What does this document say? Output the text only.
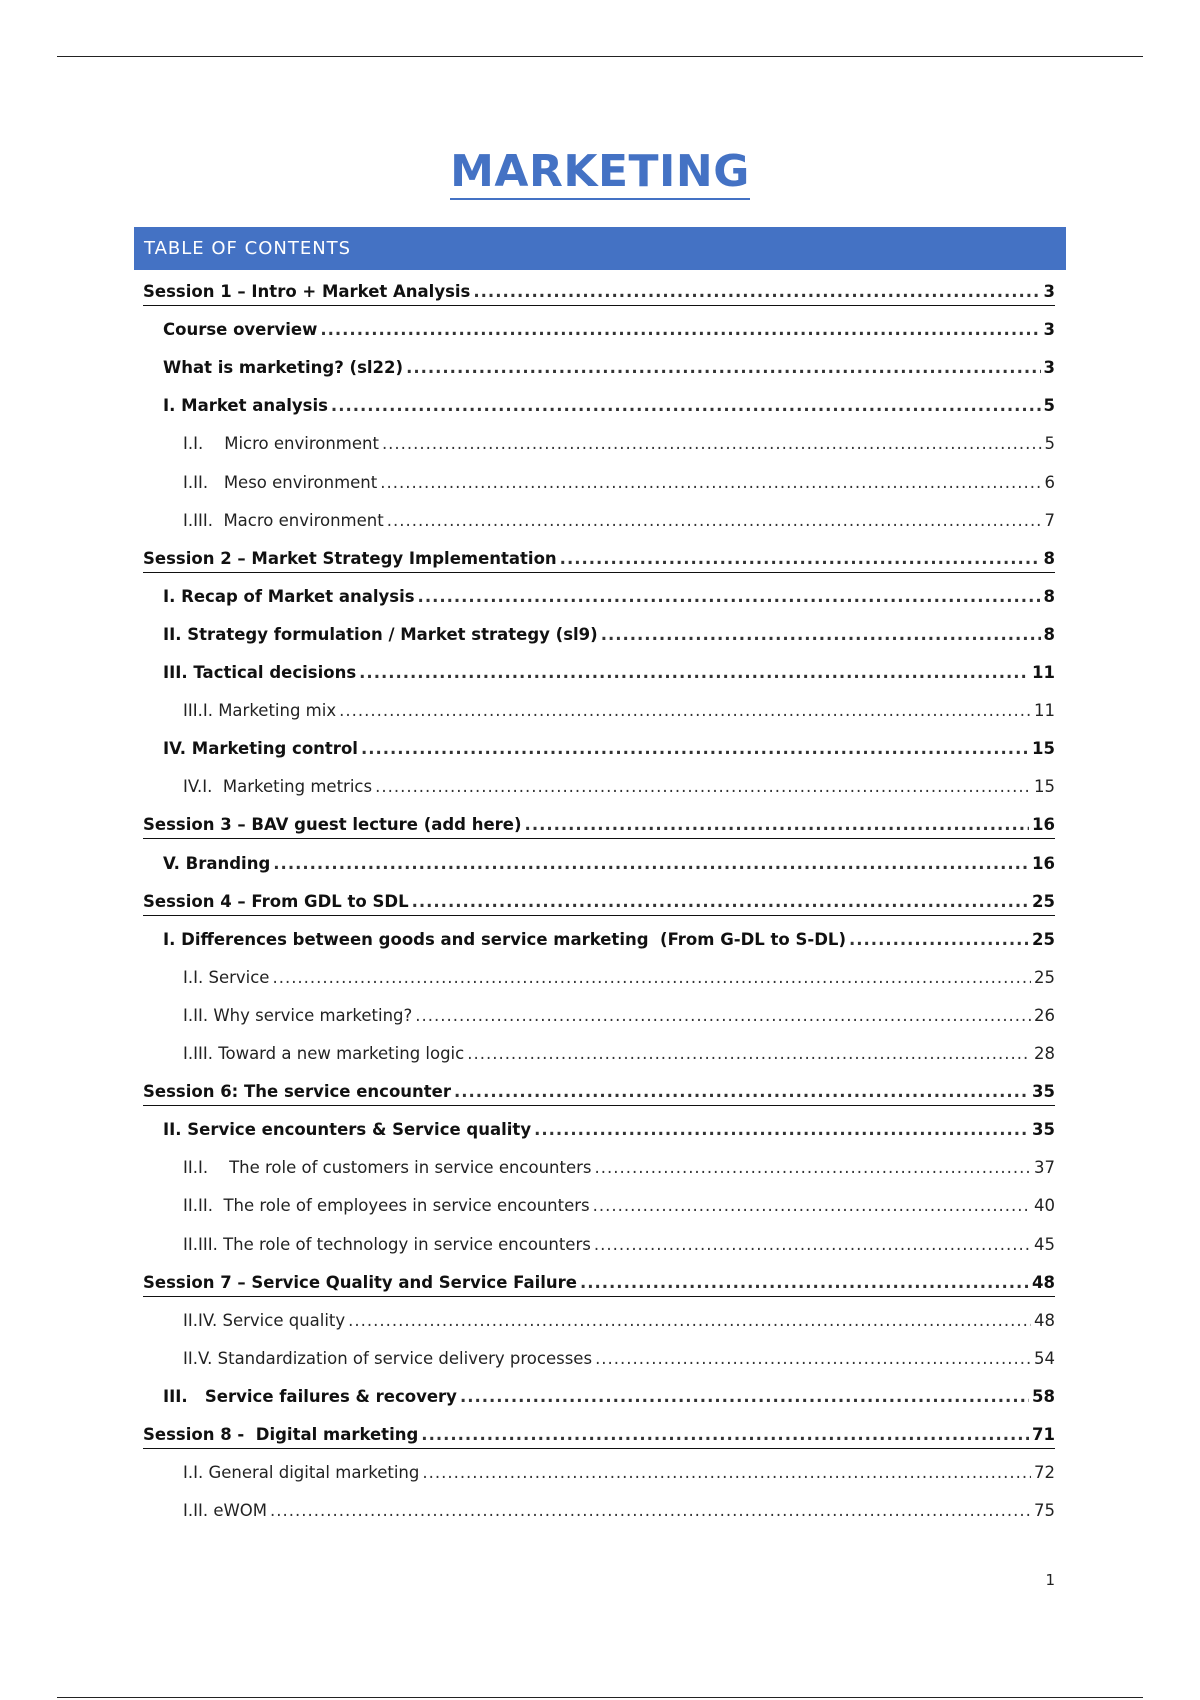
MARKETING
TABLE OF CONTENTS
Session 1 – Intro + Market Analysis .....	3
Course overview .....	3
What is marketing? (sl22) .....	3
I. Market analysis .....	5
I.I.    Micro environment .....	5
I.II.   Meso environment .....	6
I.III.  Macro environment .....	7
Session 2 – Market Strategy Implementation .....	8
I. Recap of Market analysis .....	8
II. Strategy formulation / Market strategy (sl9) .....	8
III. Tactical decisions .....	11
III.I. Marketing mix .....	11
IV. Marketing control .....	15
IV.I.  Marketing metrics .....	15
Session 3 – BAV guest lecture (add here) .....	16
V. Branding .....	16
Session 4 – From GDL to SDL .....	25
I. Differences between goods and service marketing  (From G-DL to S-DL) .....	25
I.I. Service .....	25
I.II. Why service marketing? .....	26
I.III. Toward a new marketing logic .....	28
Session 6: The service encounter .....	35
II. Service encounters & Service quality .....	35
II.I.    The role of customers in service encounters .....	37
II.II.  The role of employees in service encounters .....	40
II.III. The role of technology in service encounters .....	45
Session 7 – Service Quality and Service Failure .....	48
II.IV. Service quality .....	48
II.V. Standardization of service delivery processes .....	54
III.   Service failures & recovery .....	58
Session 8 -  Digital marketing .....	71
I.I. General digital marketing .....	72
I.II. eWOM .....	75
1
